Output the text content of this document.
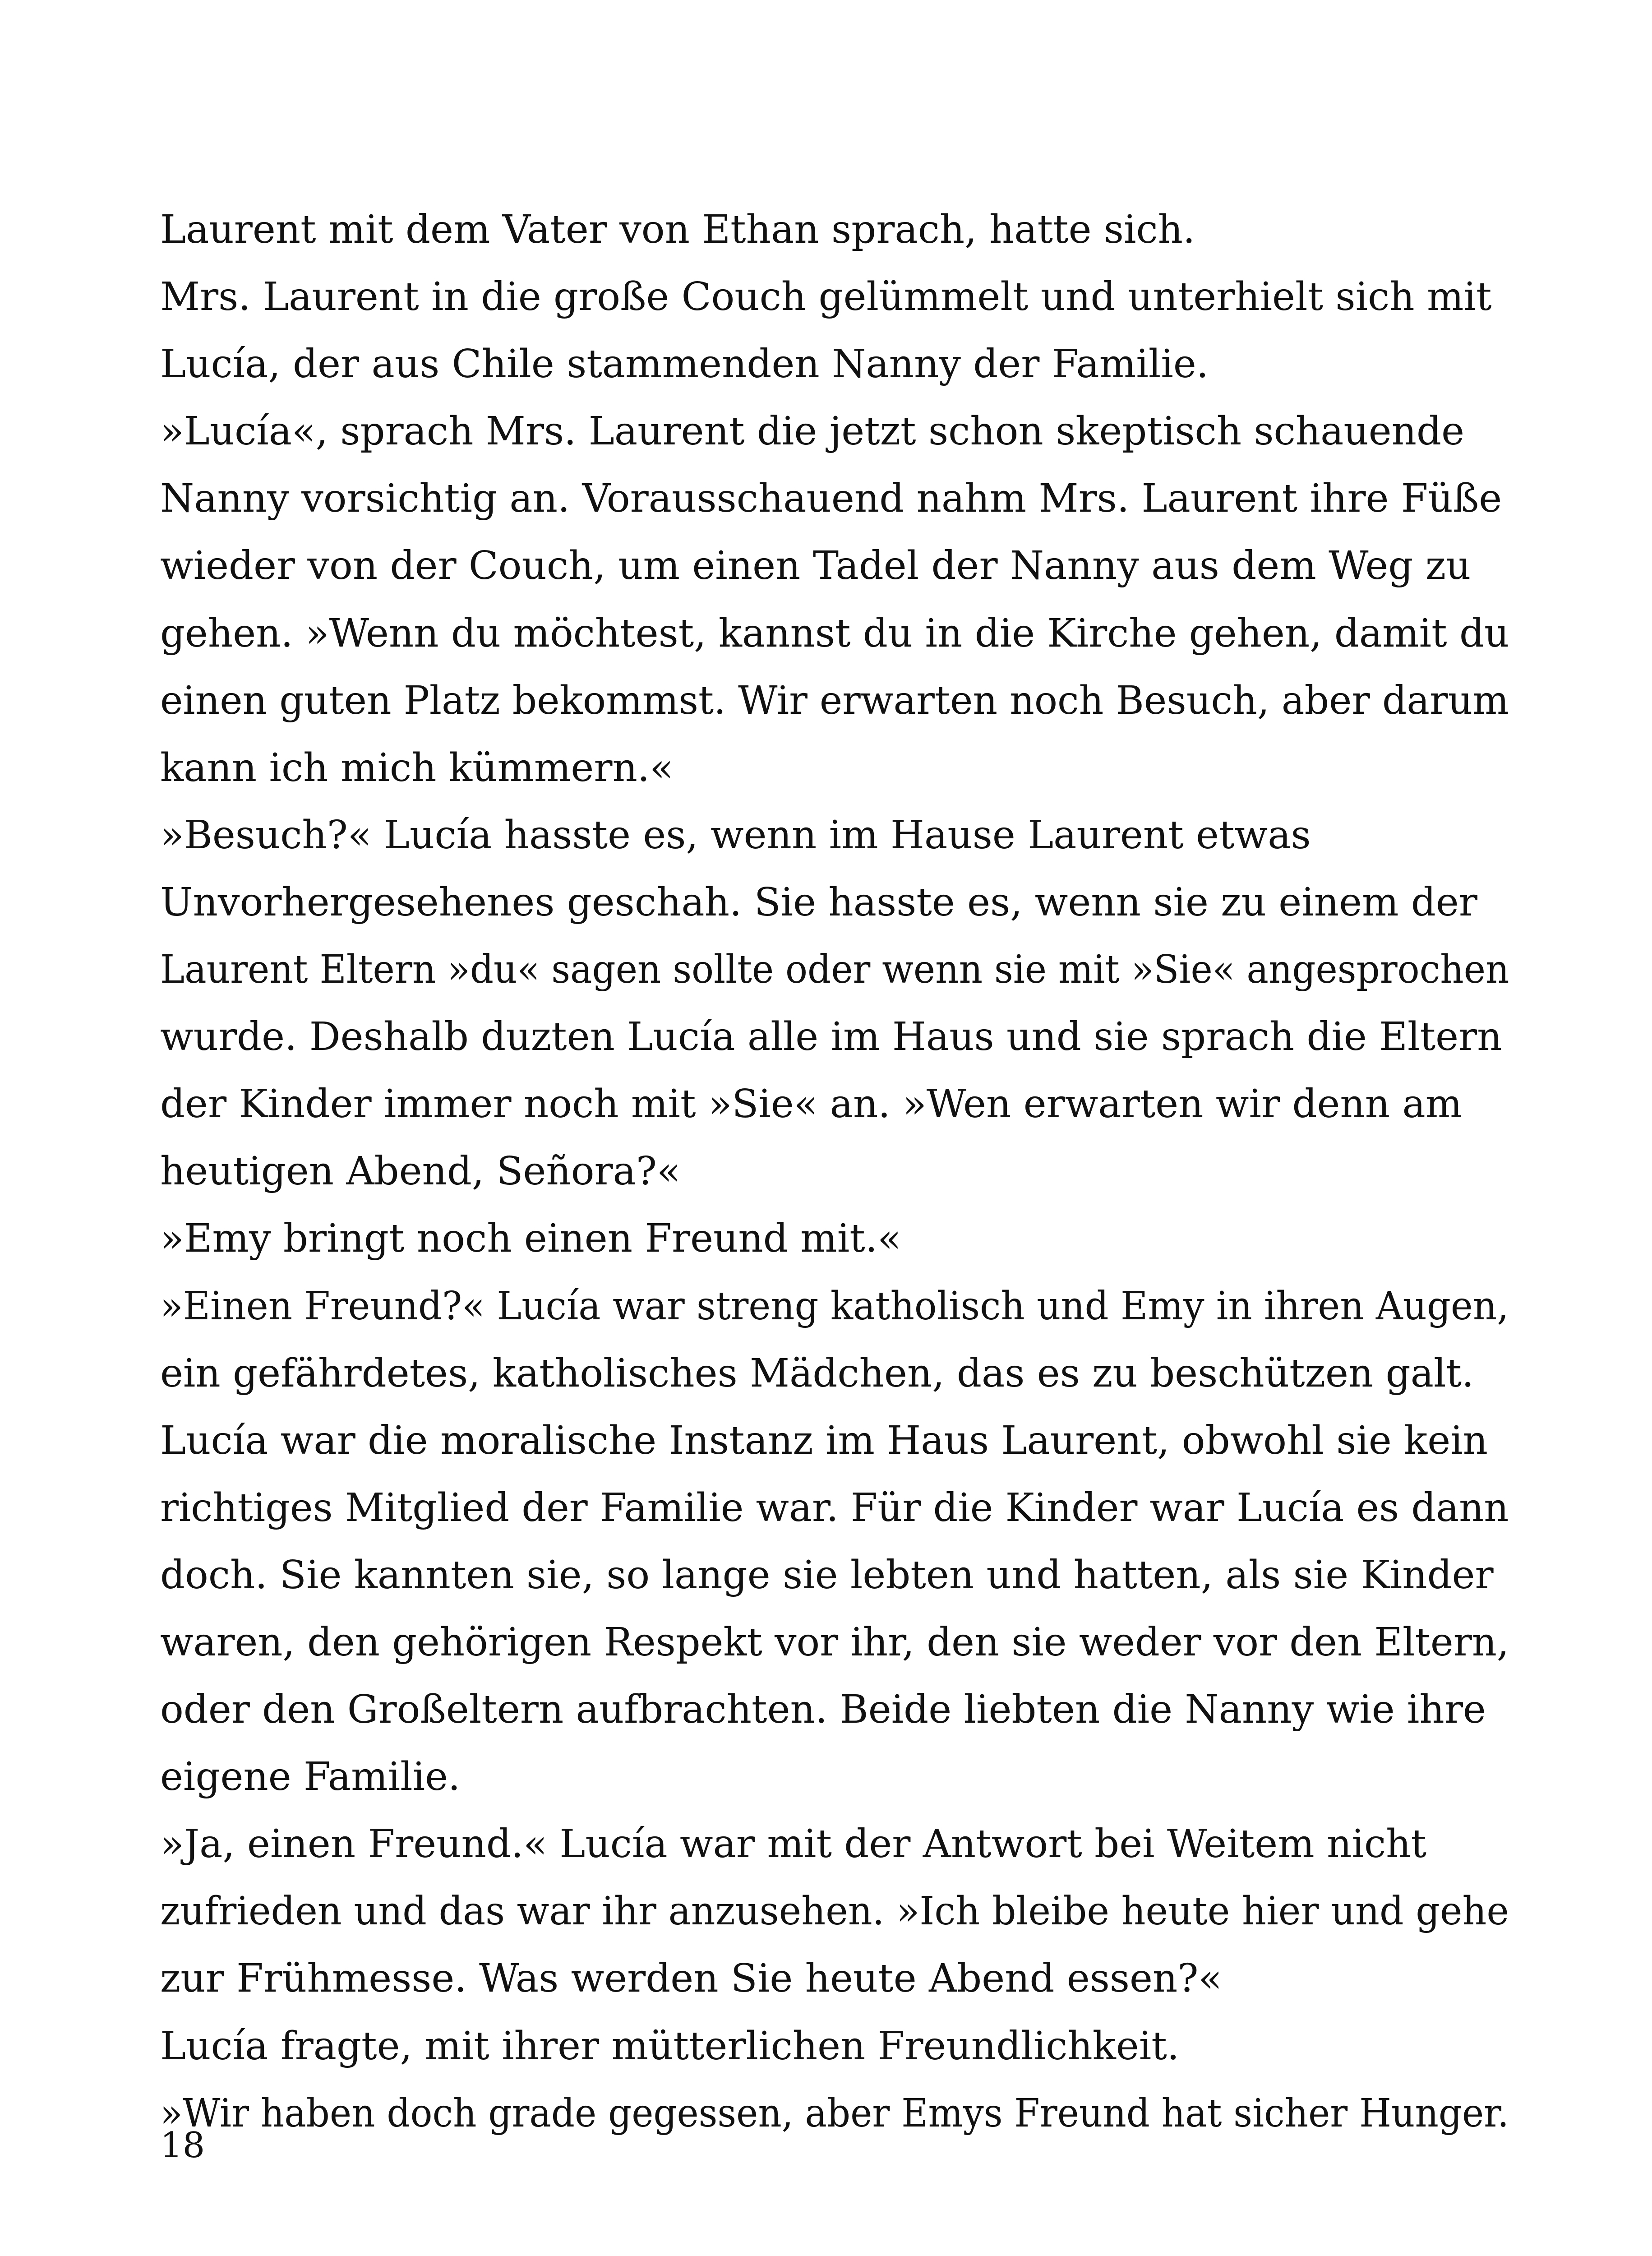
Laurent mit dem Vater von Ethan sprach, hatte sich.
Mrs. Laurent in die große Couch gelümmelt und unterhielt sich mit
Lucía, der aus Chile stammenden Nanny der Familie.
»Lucía«, sprach Mrs. Laurent die jetzt schon skeptisch schauende
Nanny vorsichtig an. Vorausschauend nahm Mrs. Laurent ihre Füße
wieder von der Couch, um einen Tadel der Nanny aus dem Weg zu
gehen. »Wenn du möchtest, kannst du in die Kirche gehen, damit du
einen guten Platz bekommst. Wir erwarten noch Besuch, aber darum
kann ich mich kümmern.«
»Besuch?« Lucía hasste es, wenn im Hause Laurent etwas
Unvorhergesehenes geschah. Sie hasste es, wenn sie zu einem der
Laurent Eltern »du« sagen sollte oder wenn sie mit »Sie« angesprochen
wurde. Deshalb duzten Lucía alle im Haus und sie sprach die Eltern
der Kinder immer noch mit »Sie« an. »Wen erwarten wir denn am
heutigen Abend, Señora?«
»Emy bringt noch einen Freund mit.«
»Einen Freund?« Lucía war streng katholisch und Emy in ihren Augen,
ein gefährdetes, katholisches Mädchen, das es zu beschützen galt.
Lucía war die moralische Instanz im Haus Laurent, obwohl sie kein
richtiges Mitglied der Familie war. Für die Kinder war Lucía es dann
doch. Sie kannten sie, so lange sie lebten und hatten, als sie Kinder
waren, den gehörigen Respekt vor ihr, den sie weder vor den Eltern,
oder den Großeltern aufbrachten. Beide liebten die Nanny wie ihre
eigene Familie.
»Ja, einen Freund.« Lucía war mit der Antwort bei Weitem nicht
zufrieden und das war ihr anzusehen. »Ich bleibe heute hier und gehe
zur Frühmesse. Was werden Sie heute Abend essen?«
Lucía fragte, mit ihrer mütterlichen Freundlichkeit.
»Wir haben doch grade gegessen, aber Emys Freund hat sicher Hunger.
18
